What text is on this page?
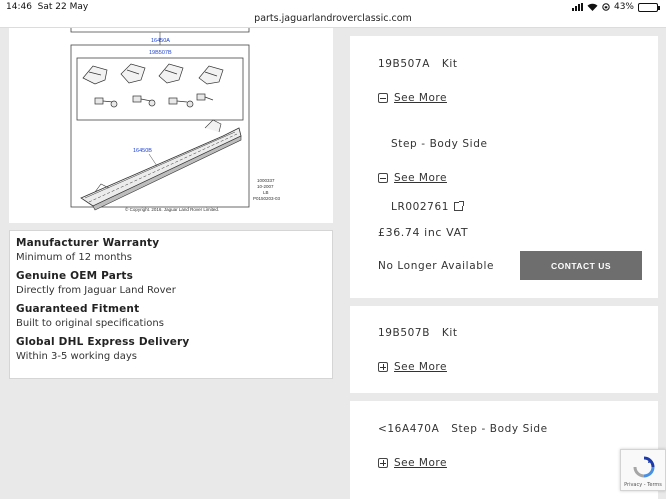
14:46 Sat 22 May
parts.jaguarlandroverclassic.com
43%
16450A
19B507B
16450B
1000337
10-2007
LB
P0150203-03
© Copyright. 2016. Jaguar Land Rover Limited.
Manufacturer Warranty
Minimum of 12 months
Genuine OEM Parts
Directly from Jaguar Land Rover
Guaranteed Fitment
Built to original specifications
Global DHL Express Delivery
Within 3-5 working days
19B507A Kit
See More
Step - Body Side
See More
LR002761
£36.74 inc VAT
No Longer Available	CONTACT US
19B507B Kit
See More
<16A470A Step - Body Side
See More
Privacy - Terms
